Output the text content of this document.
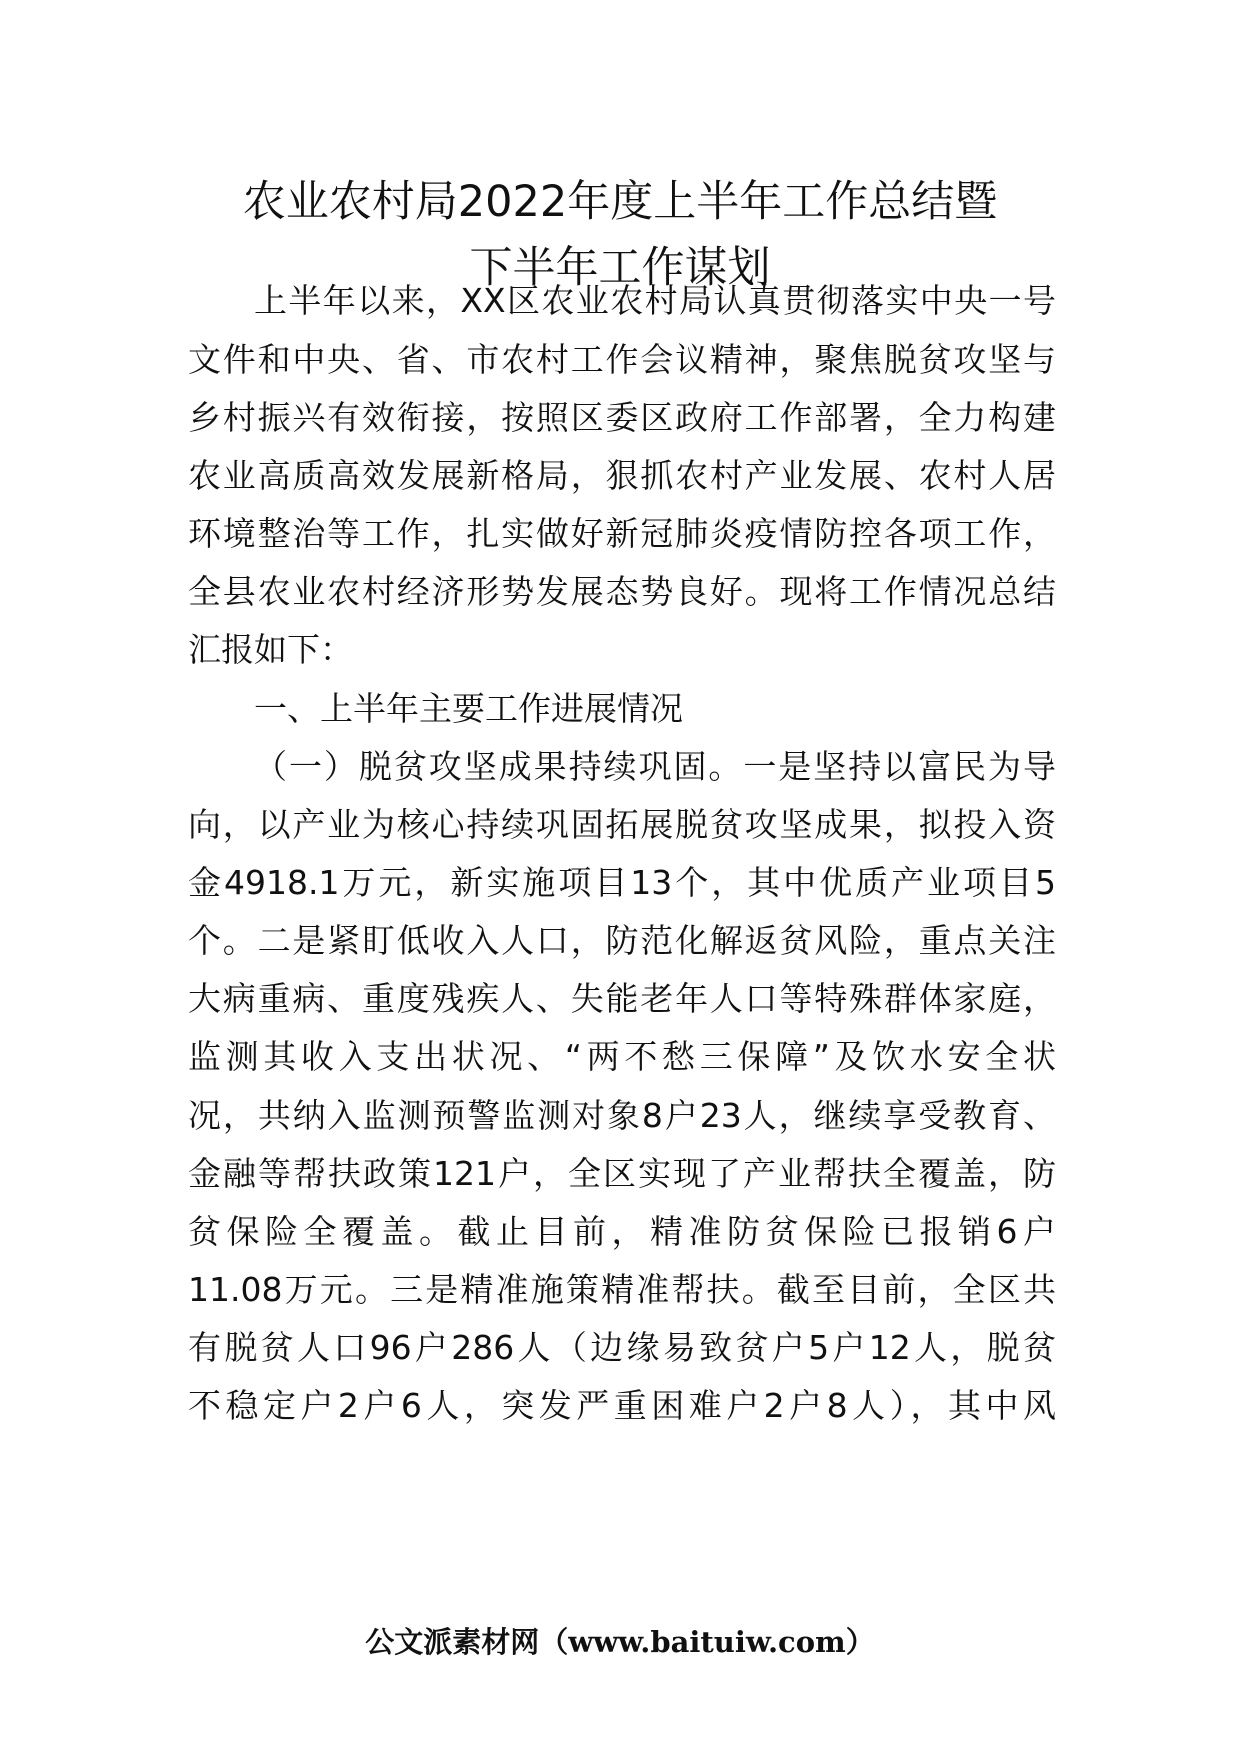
农业农村局2022年度上半年工作总结暨
下半年工作谋划
上半年以来，XX区农业农村局认真贯彻落实中央一号
文件和中央、省、市农村工作会议精神，聚焦脱贫攻坚与
乡村振兴有效衔接，按照区委区政府工作部署，全力构建
农业高质高效发展新格局，狠抓农村产业发展、农村人居
环境整治等工作，扎实做好新冠肺炎疫情防控各项工作，
全县农业农村经济形势发展态势良好。现将工作情况总结
汇报如下：
一、上半年主要工作进展情况
（一）脱贫攻坚成果持续巩固。一是坚持以富民为导
向，以产业为核心持续巩固拓展脱贫攻坚成果，拟投入资
金4918.1万元，新实施项目13个，其中优质产业项目5
个。二是紧盯低收入人口，防范化解返贫风险，重点关注
大病重病、重度残疾人、失能老年人口等特殊群体家庭，
监测其收入支出状况、“两不愁三保障”及饮水安全状
况，共纳入监测预警监测对象8户23人，继续享受教育、
金融等帮扶政策121户，全区实现了产业帮扶全覆盖，防
贫保险全覆盖。截止目前，精准防贫保险已报销6户
11.08万元。三是精准施策精准帮扶。截至目前，全区共
有脱贫人口96户286人（边缘易致贫户5户12人，脱贫
不稳定户2户6人，突发严重困难户2户8人），其中风
公文派素材网（www.baituiw.com）
